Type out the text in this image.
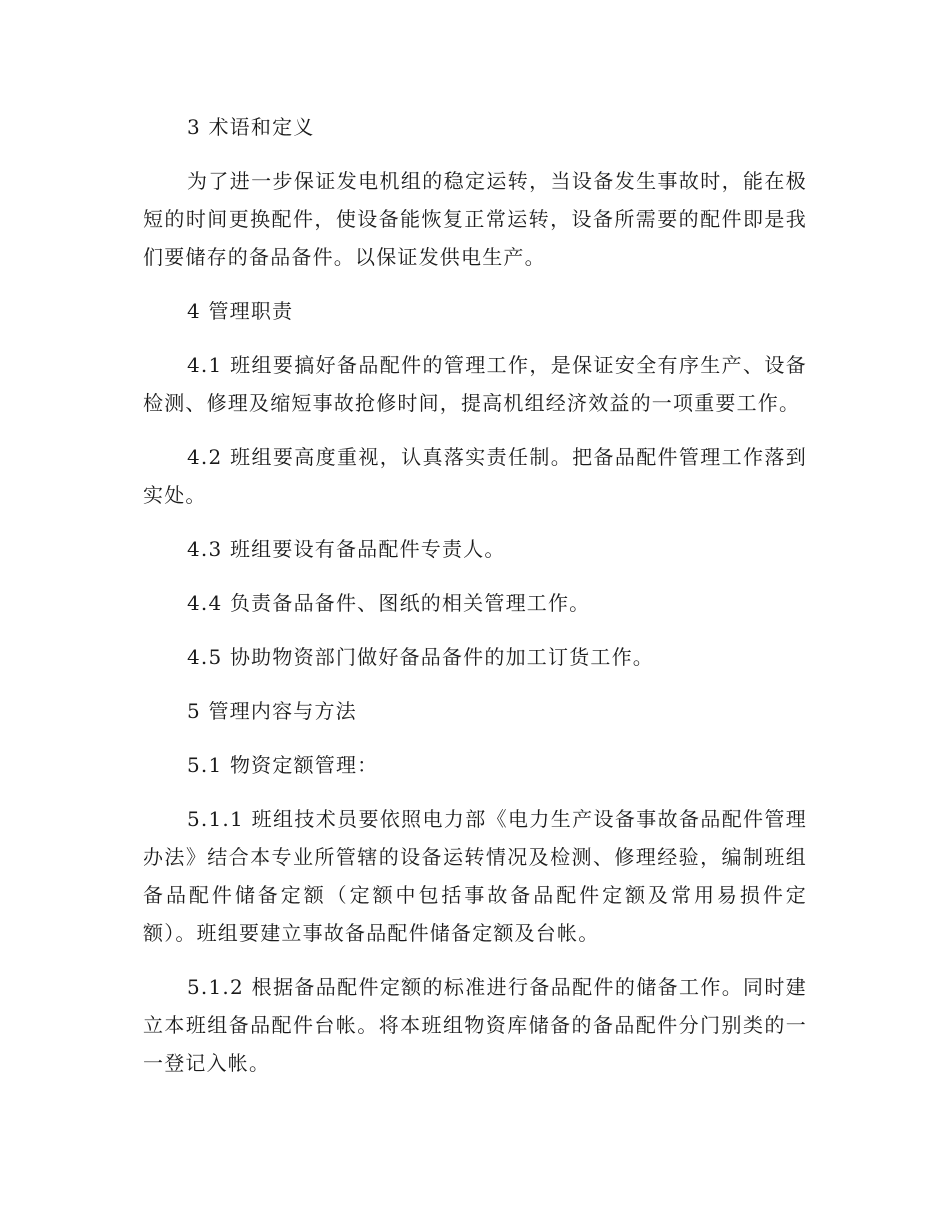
3 术语和定义

为了进一步保证发电机组的稳定运转，当设备发生事故时，能在极短的时间更换配件，使设备能恢复正常运转，设备所需要的配件即是我们要储存的备品备件。以保证发供电生产。

4 管理职责

4.1 班组要搞好备品配件的管理工作，是保证安全有序生产、设备检测、修理及缩短事故抢修时间，提高机组经济效益的一项重要工作。

4.2 班组要高度重视，认真落实责任制。把备品配件管理工作落到实处。

4.3 班组要设有备品配件专责人。

4.4 负责备品备件、图纸的相关管理工作。

4.5 协助物资部门做好备品备件的加工订货工作。

5 管理内容与方法

5.1 物资定额管理：

5.1.1 班组技术员要依照电力部《电力生产设备事故备品配件管理办法》结合本专业所管辖的设备运转情况及检测、修理经验，编制班组备品配件储备定额（定额中包括事故备品配件定额及常用易损件定额）。班组要建立事故备品配件储备定额及台帐。

5.1.2 根据备品配件定额的标准进行备品配件的储备工作。同时建立本班组备品配件台帐。将本班组物资库储备的备品配件分门别类的一一登记入帐。
